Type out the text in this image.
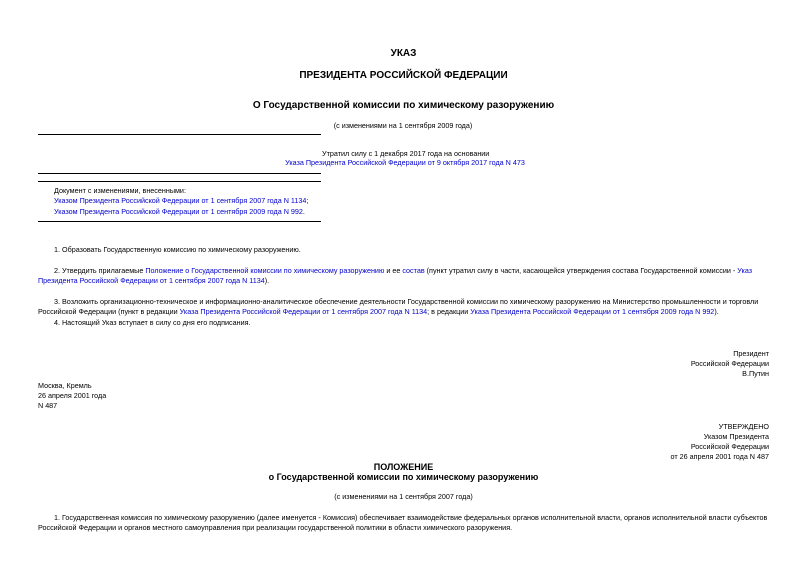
УКАЗ
ПРЕЗИДЕНТА РОССИЙСКОЙ ФЕДЕРАЦИИ
О Государственной комиссии по химическому разоружению
(с изменениями на 1 сентября 2009 года)
Утратил силу с 1 декабря 2017 года на основании
Указа Президента Российской Федерации от 9 октября 2017 года N 473
Документ с изменениями, внесенными:
Указом Президента Российской Федерации от 1 сентября 2007 года N 1134;
Указом Президента Российской Федерации от 1 сентября 2009 года N 992.
1. Образовать Государственную комиссию по химическому разоружению.
2. Утвердить прилагаемые Положение о Государственной комиссии по химическому разоружению и ее состав (пункт утратил силу в части, касающейся утверждения состава Государственной комиссии - Указ Президента Российской Федерации от 1 сентября 2007 года N 1134).
3. Возложить организационно-техническое и информационно-аналитическое обеспечение деятельности Государственной комиссии по химическому разоружению на Министерство промышленности и торговли Российской Федерации (пункт в редакции Указа Президента Российской Федерации от 1 сентября 2007 года N 1134; в редакции Указа Президента Российской Федерации от 1 сентября 2009 года N 992).
4. Настоящий Указ вступает в силу со дня его подписания.
Президент
Российской Федерации
В.Путин
Москва, Кремль
26 апреля 2001 года
N 487
УТВЕРЖДЕНО
Указом Президента
Российской Федерации
от 26 апреля 2001 года N 487
ПОЛОЖЕНИЕ
о Государственной комиссии по химическому разоружению
(с изменениями на 1 сентября 2007 года)
1. Государственная комиссия по химическому разоружению (далее именуется - Комиссия) обеспечивает взаимодействие федеральных органов исполнительной власти, органов исполнительной власти субъектов Российской Федерации и органов местного самоуправления при реализации государственной политики в области химического разоружения.
